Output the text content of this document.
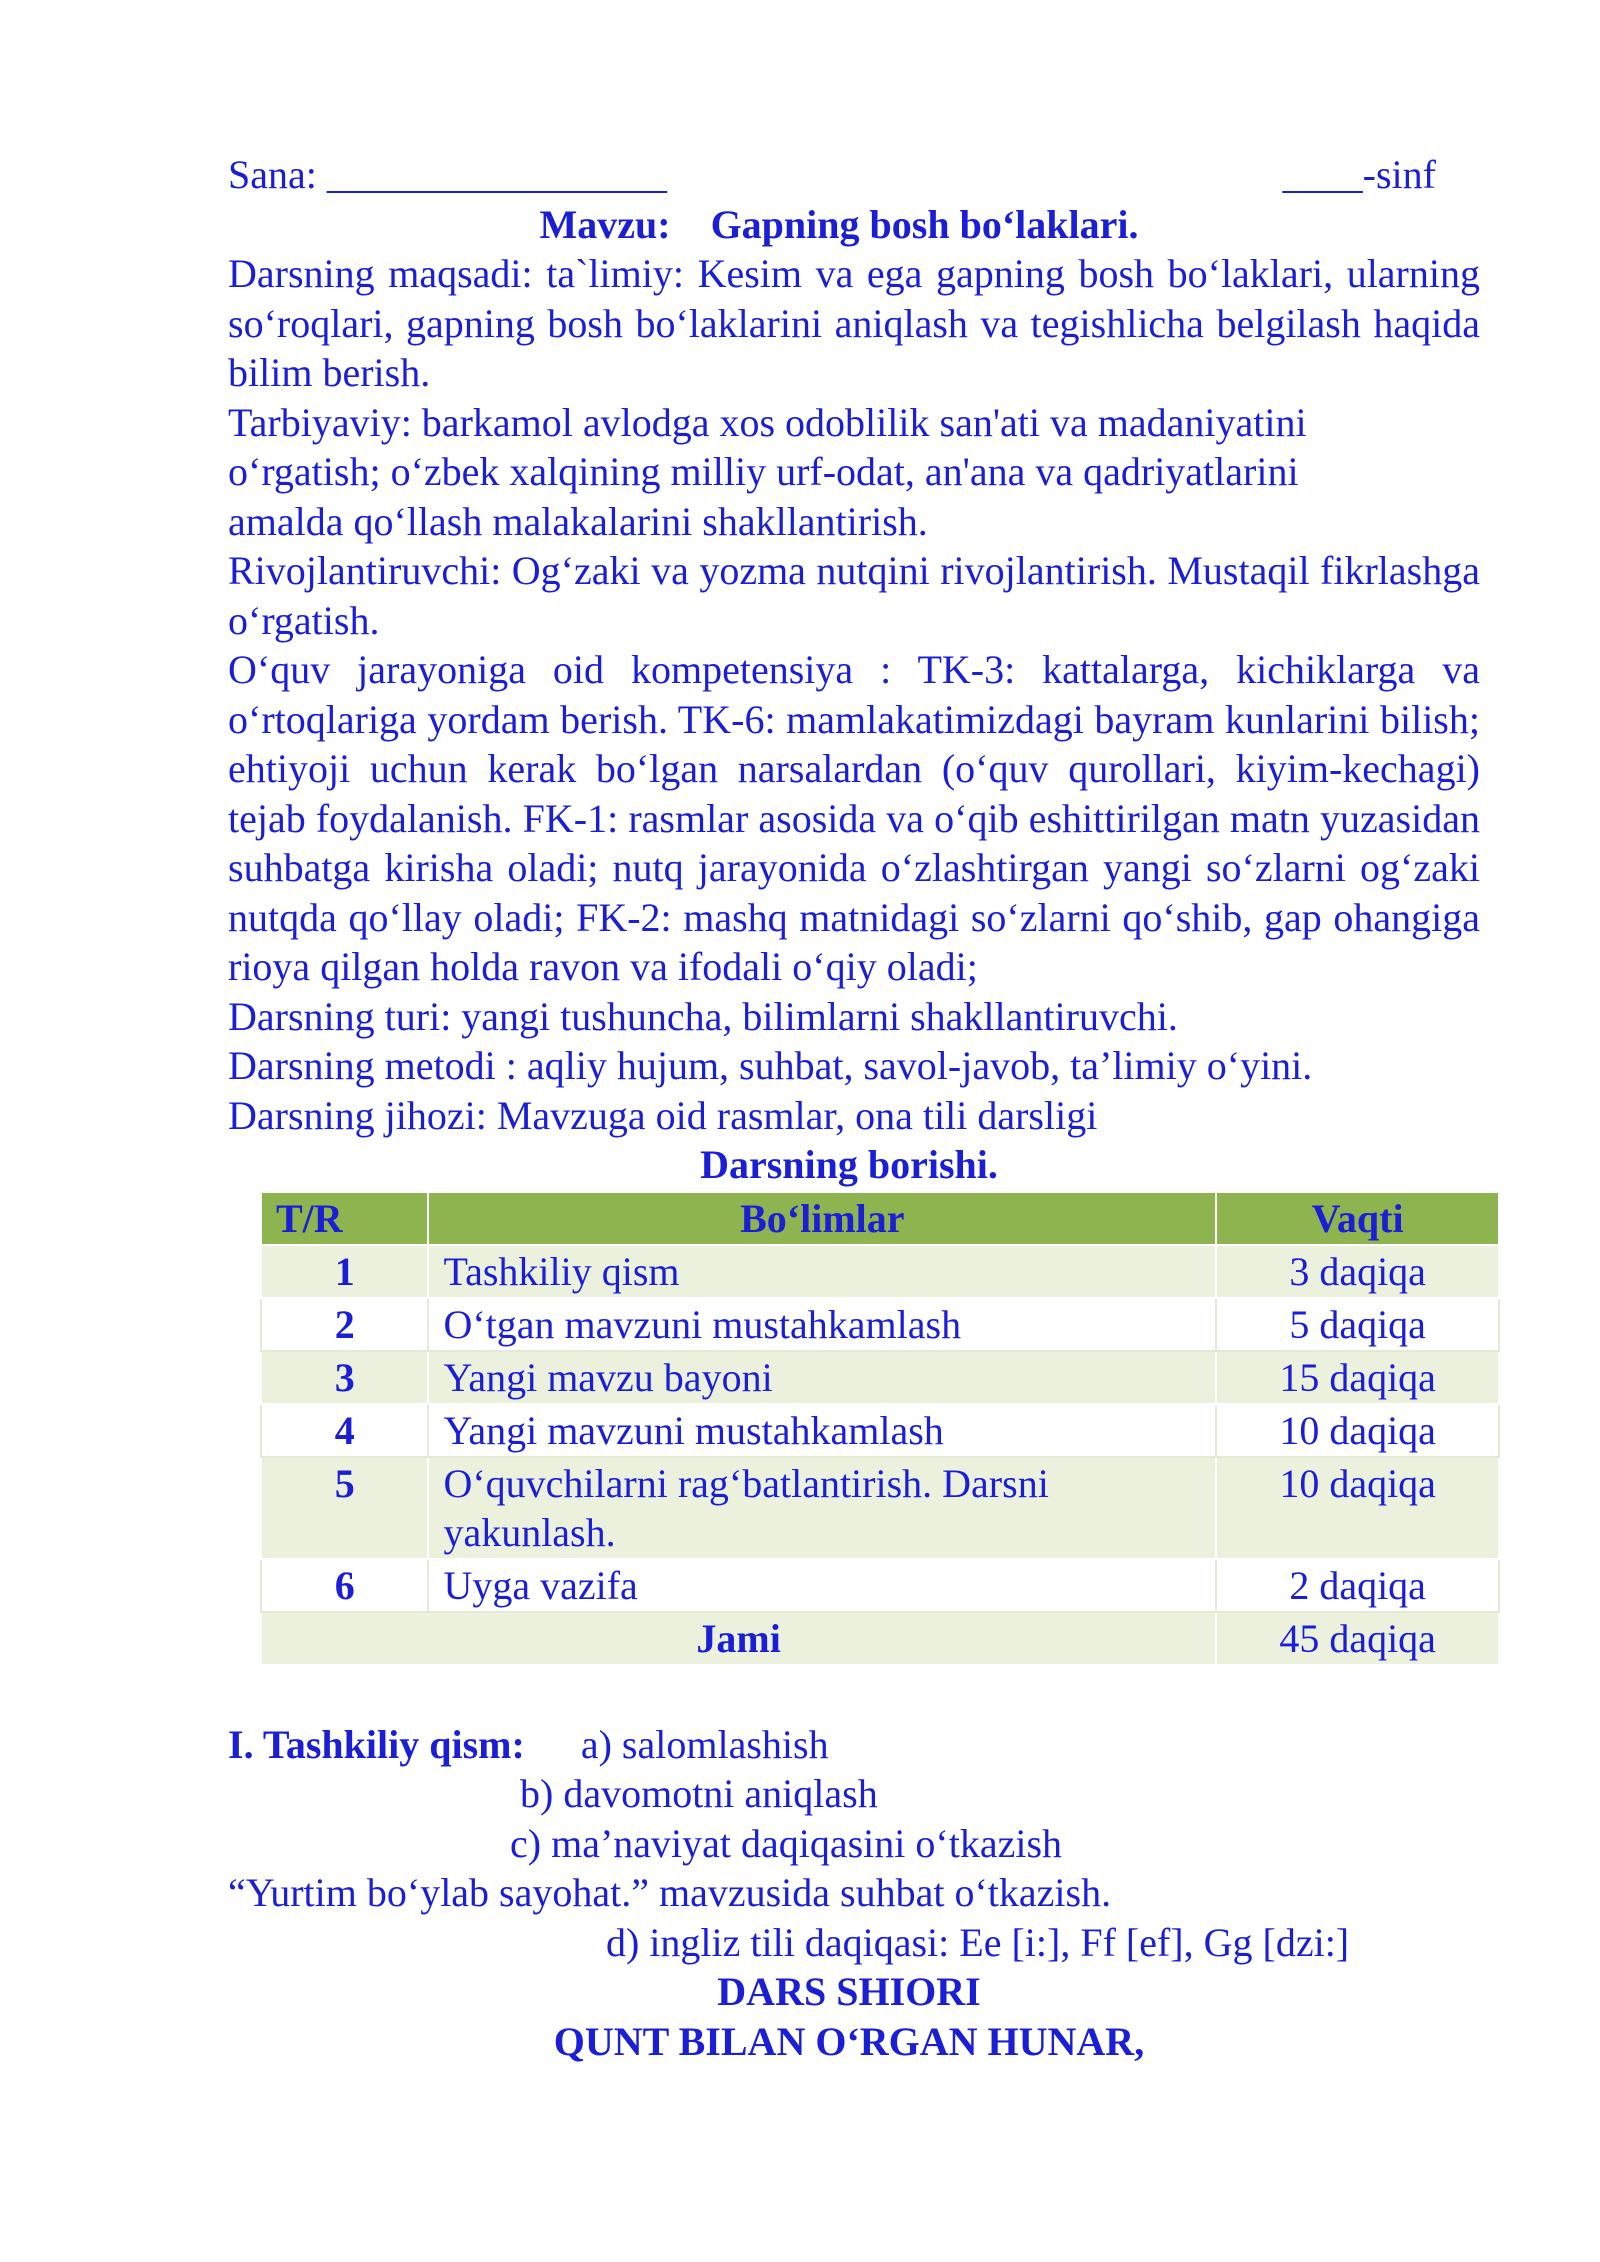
Sana: _________________	____-sinf
Mavzu: Gapning bosh bo‘laklari.

Darsning maqsadi: ta`limiy: Kesim va ega gapning bosh bo‘laklari, ularning so‘roqlari, gapning bosh bo‘laklarini aniqlash va tegishlicha belgilash haqida bilim berish.

Tarbiyaviy: barkamol avlodga xos odoblilik san'ati va madaniyatini

o‘rgatish; o‘zbek xalqining milliy urf-odat, an'ana va qadriyatlarini

amalda qo‘llash malakalarini shakllantirish.

Rivojlantiruvchi: Og‘zaki va yozma nutqini rivojlantirish. Mustaqil fikrlashga o‘rgatish.

O‘quv jarayoniga oid kompetensiya : TK-3: kattalarga, kichiklarga va o‘rtoqlariga yordam berish. TK-6: mamlakatimizdagi bayram kunlarini bilish; ehtiyoji uchun kerak bo‘lgan narsalardan (o‘quv qurollari, kiyim-kechagi) tejab foydalanish. FK-1: rasmlar asosida va o‘qib eshittirilgan matn yuzasidan suhbatga kirisha oladi; nutq jarayonida o‘zlashtirgan yangi so‘zlarni og‘zaki nutqda qo‘llay oladi; FK-2: mashq matnidagi so‘zlarni qo‘shib, gap ohangiga rioya qilgan holda ravon va ifodali o‘qiy oladi;

Darsning turi: yangi tushuncha, bilimlarni shakllantiruvchi.

Darsning metodi : aqliy hujum, suhbat, savol-javob, ta’limiy o‘yini.

Darsning jihozi: Mavzuga oid rasmlar, ona tili darsligi

Darsning borishi.
T/R	Bo‘limlar	Vaqti
1	Tashkiliy qism	3 daqiqa
2	O‘tgan mavzuni mustahkamlash	5 daqiqa
3	Yangi mavzu bayoni	15 daqiqa
4	Yangi mavzuni mustahkamlash	10 daqiqa
5	O‘quvchilarni rag‘batlantirish. Darsni yakunlash.	10 daqiqa
6	Uyga vazifa	2 daqiqa
Jami		45 daqiqa
I. Tashkiliy qism: a) salomlashish

b) davomotni aniqlash

c) ma’naviyat daqiqasini o‘tkazish

“Yurtim bo‘ylab sayohat.” mavzusida suhbat o‘tkazish.

d) ingliz tili daqiqasi: Ee [i:], Ff [ef], Gg [dzi:]

DARS SHIORI

QUNT BILAN O‘RGAN HUNAR,
